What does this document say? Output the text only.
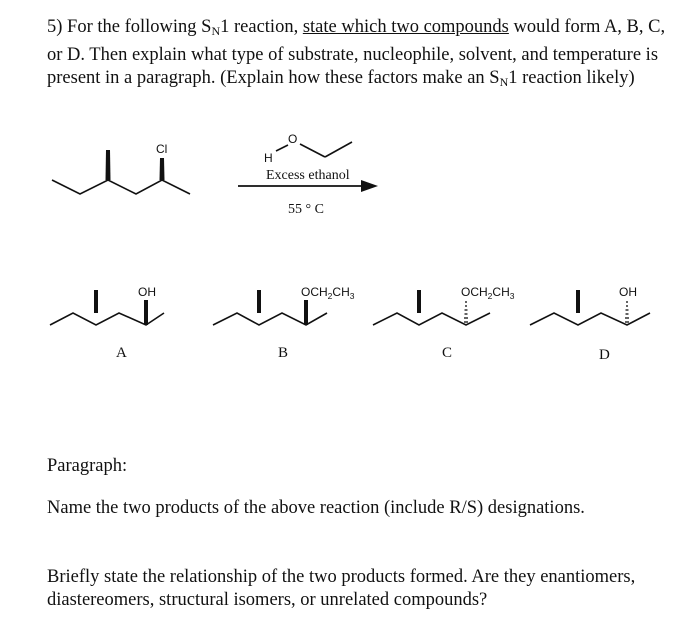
5) For the following $S_N1$ reaction, state which two compounds would form A, B, C, or D. Then explain what type of substrate, nucleophile, solvent, and temperature is present in a paragraph. (Explain how these factors make an $S_N1$ reaction likely)
Cl
H
O
Excess ethanol
55 ° C
OH
A
$OCH_2CH_3$
B
$OCH_2CH_3$
C
OH
D
Paragraph:
Name the two products of the above reaction (include R/S) designations.
Briefly state the relationship of the two products formed. Are they enantiomers, diastereomers, structural isomers, or unrelated compounds?
